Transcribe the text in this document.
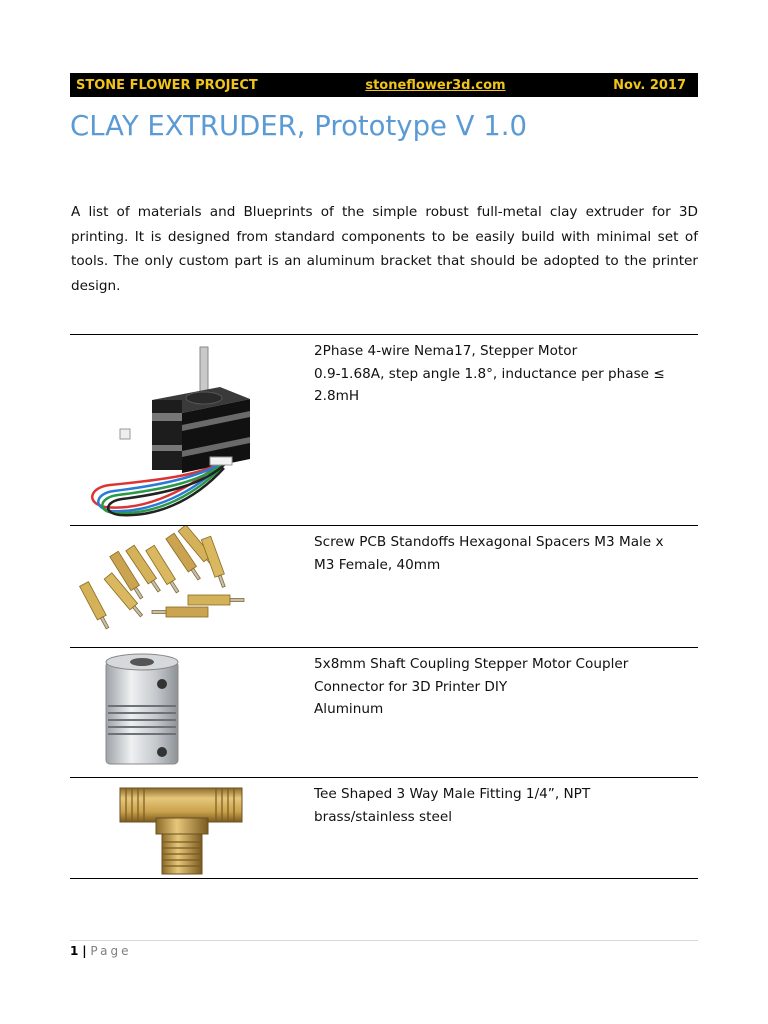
STONE FLOWER PROJECT	stoneflower3d.com	Nov. 2017
CLAY EXTRUDER, Prototype V 1.0

A list of materials and Blueprints of the simple robust full-metal clay extruder for 3D printing. It is designed from standard components to be easily build with minimal set of tools. The only custom part is an aluminum bracket that should be adopted to the printer design.

2Phase 4-wire Nema17, Stepper Motor
0.9-1.68A, step angle 1.8°, inductance per phase ≤
2.8mH
Screw PCB Standoffs Hexagonal Spacers M3 Male x
M3 Female, 40mm
5x8mm Shaft Coupling Stepper Motor Coupler
Connector for 3D Printer DIY
Aluminum
Tee Shaped 3 Way Male Fitting 1/4”, NPT
brass/stainless steel
1 | Page
